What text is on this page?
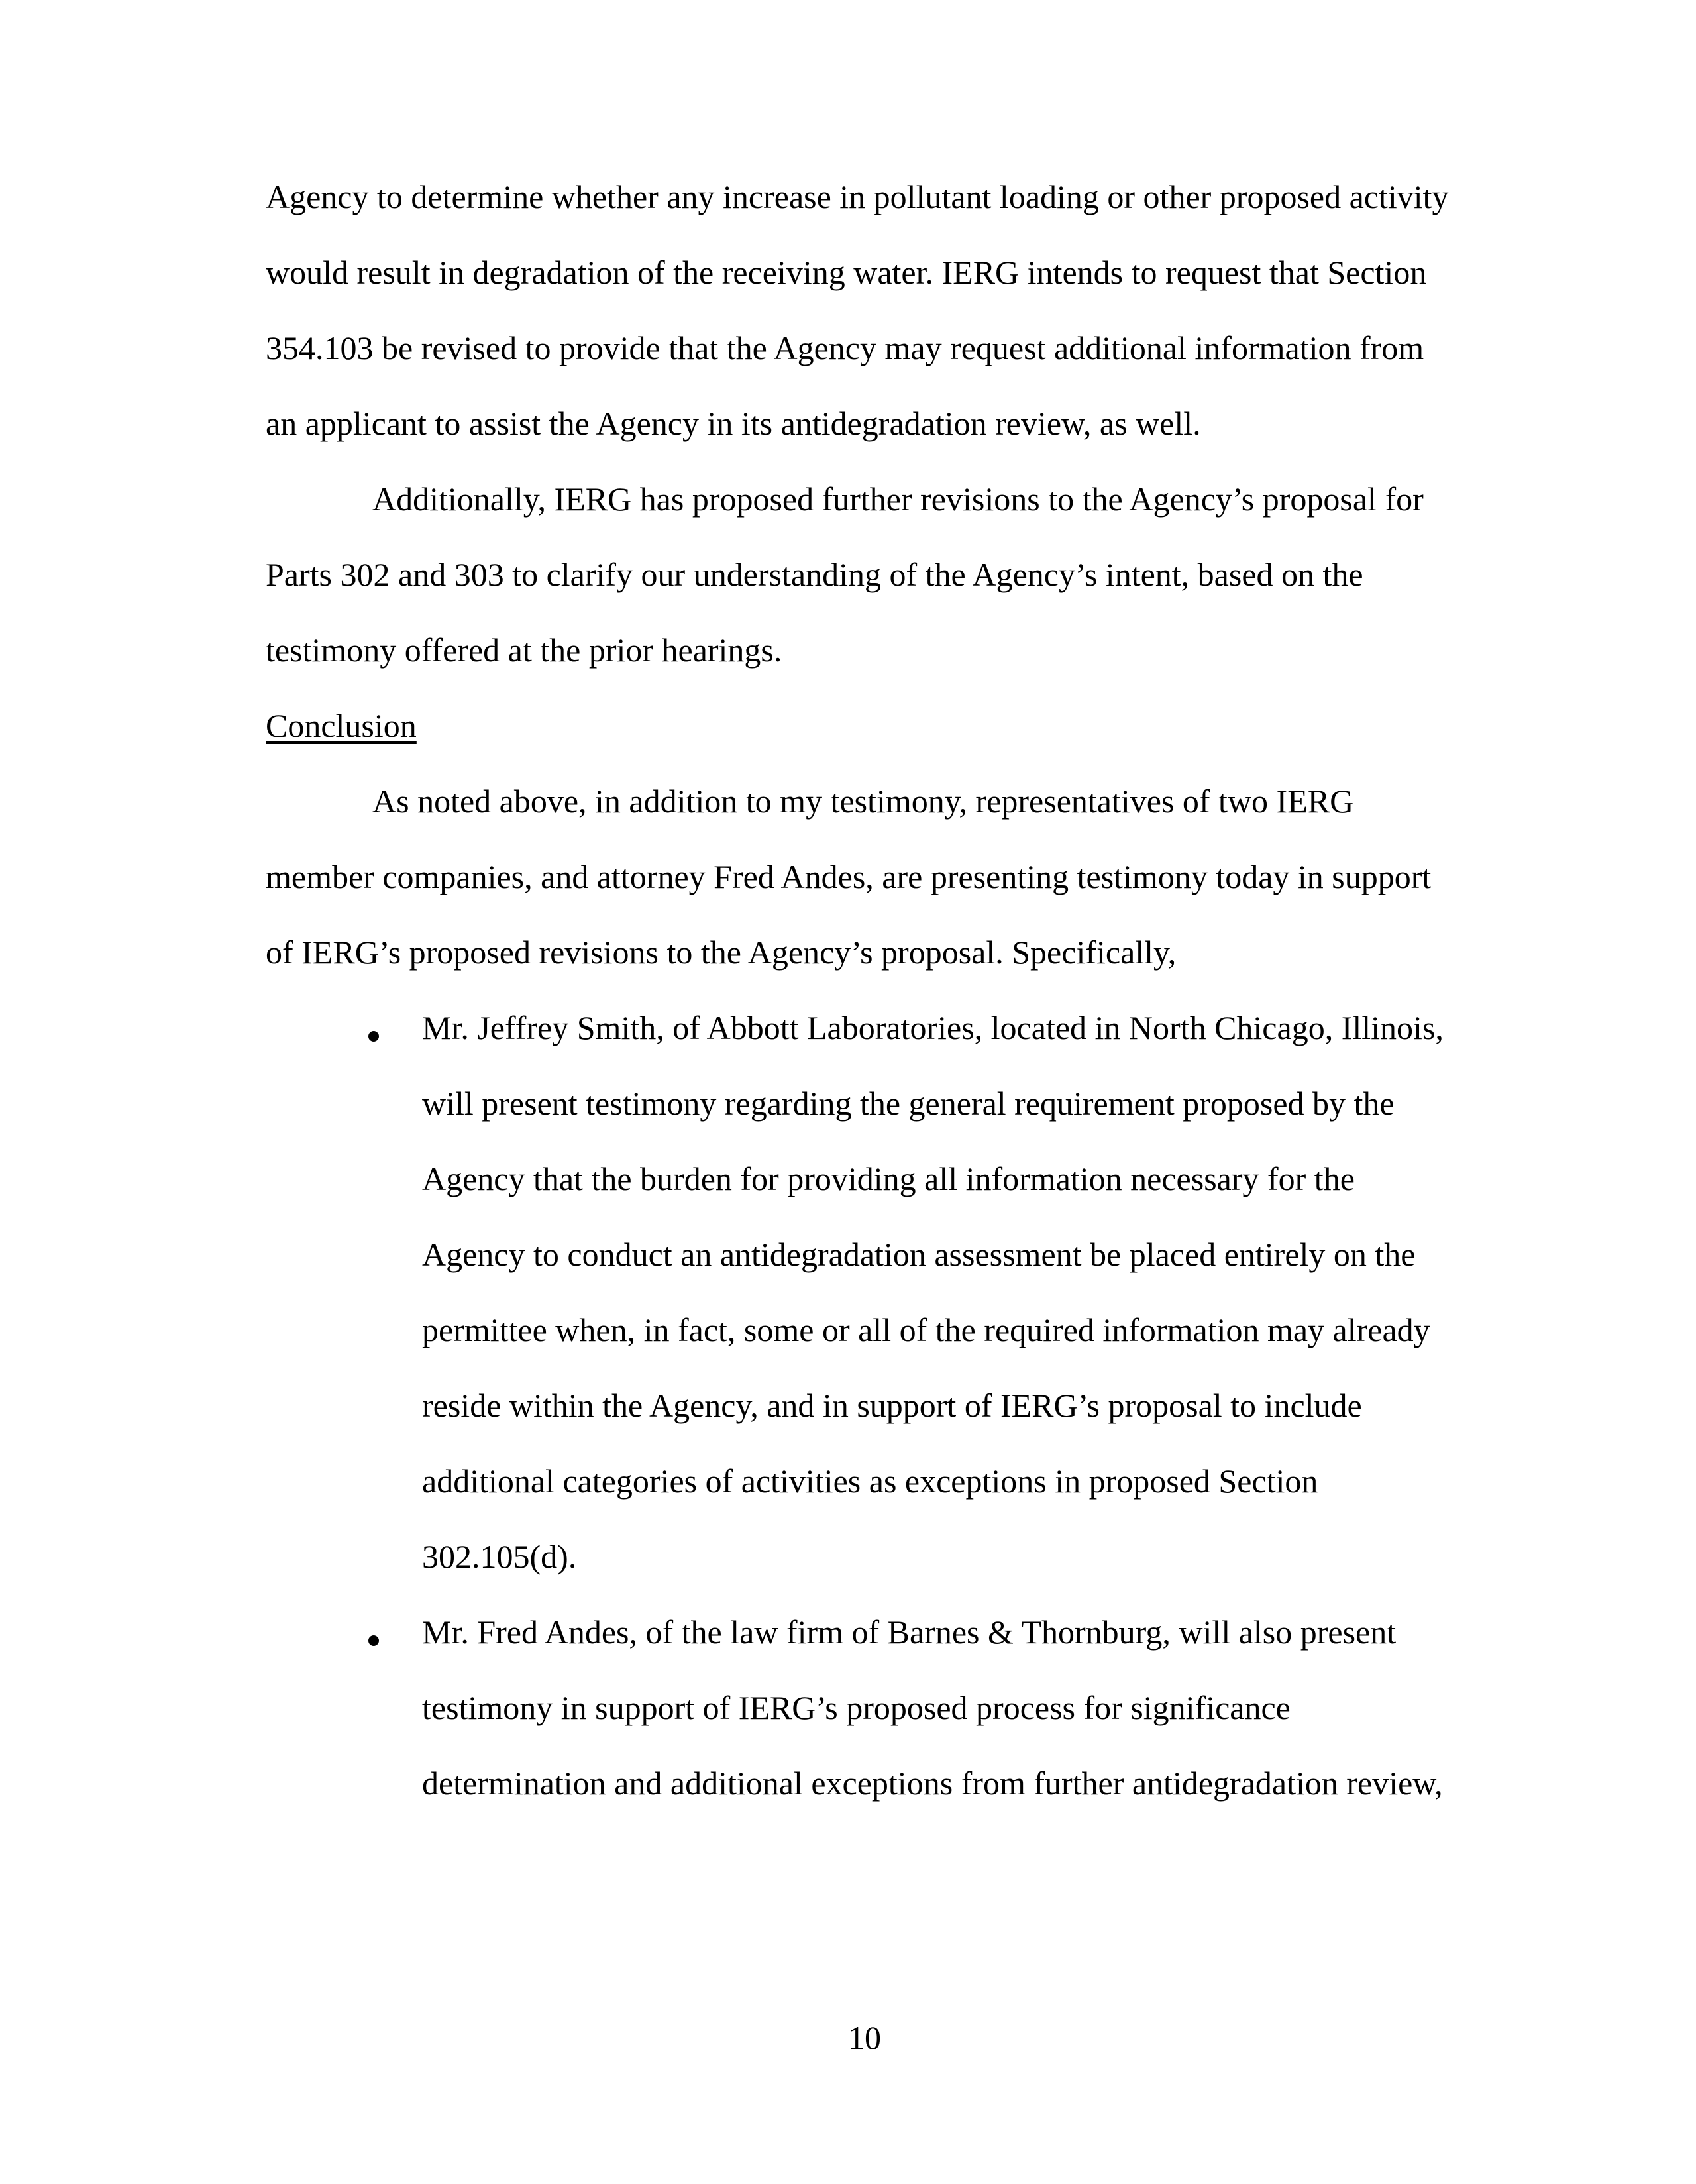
Agency to determine whether any increase in pollutant loading or other proposed activity
would result in degradation of the receiving water. IERG intends to request that Section
354.103 be revised to provide that the Agency may request additional information from
an applicant to assist the Agency in its antidegradation review, as well.
Additionally, IERG has proposed further revisions to the Agency’s proposal for
Parts 302 and 303 to clarify our understanding of the Agency’s intent, based on the
testimony offered at the prior hearings.
Conclusion
As noted above, in addition to my testimony, representatives of two IERG
member companies, and attorney Fred Andes, are presenting testimony today in support
of IERG’s proposed revisions to the Agency’s proposal. Specifically,
Mr. Jeffrey Smith, of Abbott Laboratories, located in North Chicago, Illinois,
will present testimony regarding the general requirement proposed by the
Agency that the burden for providing all information necessary for the
Agency to conduct an antidegradation assessment be placed entirely on the
permittee when, in fact, some or all of the required information may already
reside within the Agency, and in support of IERG’s proposal to include
additional categories of activities as exceptions in proposed Section
302.105(d).
Mr. Fred Andes, of the law firm of Barnes & Thornburg, will also present
testimony in support of IERG’s proposed process for significance
determination and additional exceptions from further antidegradation review,
10
